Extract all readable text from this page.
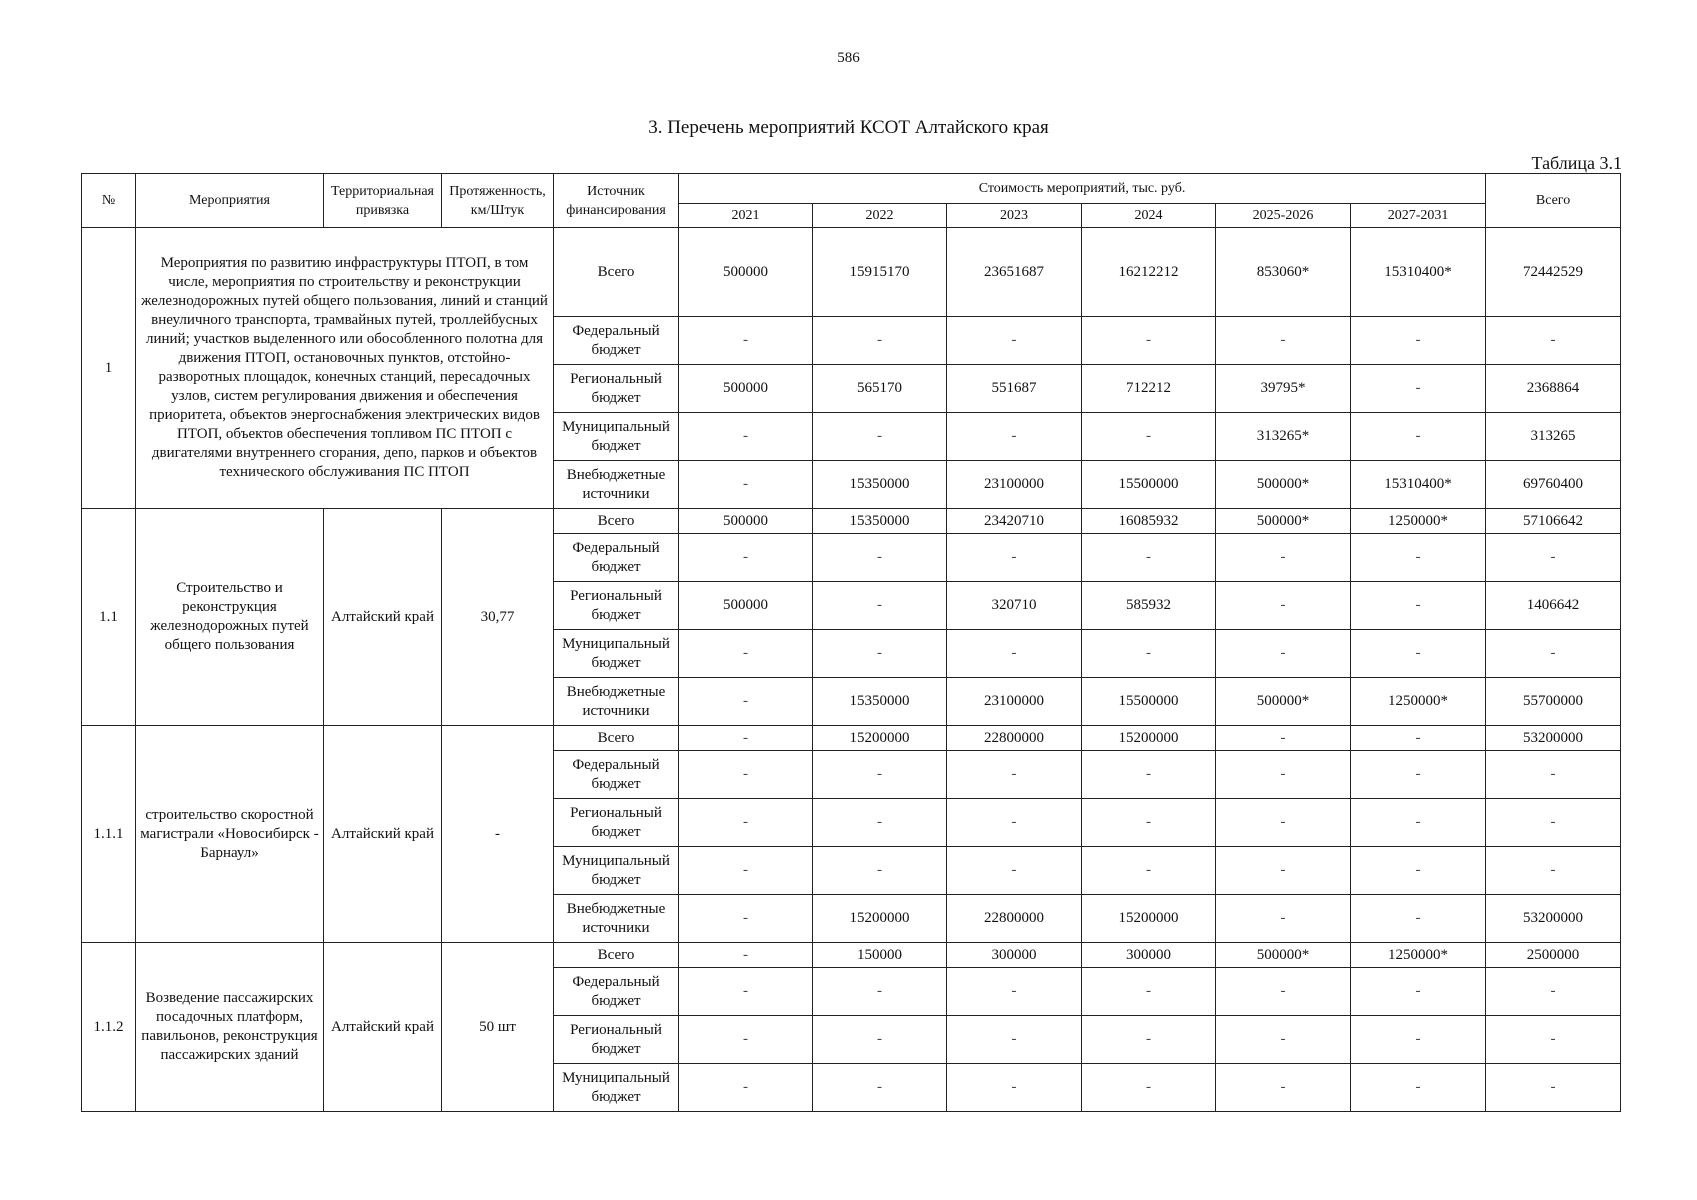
586
3. Перечень мероприятий КСОТ Алтайского края
Таблица 3.1
№	Мероприятия	Территориальная привязка	Протяженность, км/Штук	Источник финансирования	Стоимость мероприятий, тыс. руб.						Всего
					2021	2022	2023	2024	2025-2026	2027-2031	
1	Мероприятия по развитию инфраструктуры ПТОП, в том числе, мероприятия по строительству и реконструкции железнодорожных путей общего пользования, линий и станций внеуличного транспорта, трамвайных путей, троллейбусных линий; участков выделенного или обособленного полотна для движения ПТОП, остановочных пунктов, отстойно-разворотных площадок, конечных станций, пересадочных узлов, систем регулирования движения и обеспечения приоритета, объектов энергоснабжения электрических видов ПТОП, объектов обеспечения топливом ПС ПТОП с двигателями внутреннего сгорания, депо, парков и объектов технического обслуживания ПС ПТОП			Всего	500000	15915170	23651687	16212212	853060*	15310400*	72442529
				Федеральный бюджет	-	-	-	-	-	-	-
				Региональный бюджет	500000	565170	551687	712212	39795*	-	2368864
				Муниципальный бюджет	-	-	-	-	313265*	-	313265
				Внебюджетные источники	-	15350000	23100000	15500000	500000*	15310400*	69760400
1.1	Строительство и реконструкция железнодорожных путей общего пользования	Алтайский край	30,77	Всего	500000	15350000	23420710	16085932	500000*	1250000*	57106642
				Федеральный бюджет	-	-	-	-	-	-	-
				Региональный бюджет	500000	-	320710	585932	-	-	1406642
				Муниципальный бюджет	-	-	-	-	-	-	-
				Внебюджетные источники	-	15350000	23100000	15500000	500000*	1250000*	55700000
1.1.1	строительство скоростной магистрали «Новосибирск - Барнаул»	Алтайский край	-	Всего	-	15200000	22800000	15200000	-	-	53200000
				Федеральный бюджет	-	-	-	-	-	-	-
				Региональный бюджет	-	-	-	-	-	-	-
				Муниципальный бюджет	-	-	-	-	-	-	-
				Внебюджетные источники	-	15200000	22800000	15200000	-	-	53200000
1.1.2	Возведение пассажирских посадочных платформ, павильонов, реконструкция пассажирских зданий	Алтайский край	50 шт	Всего	-	150000	300000	300000	500000*	1250000*	2500000
				Федеральный бюджет	-	-	-	-	-	-	-
				Региональный бюджет	-	-	-	-	-	-	-
				Муниципальный бюджет	-	-	-	-	-	-	-
